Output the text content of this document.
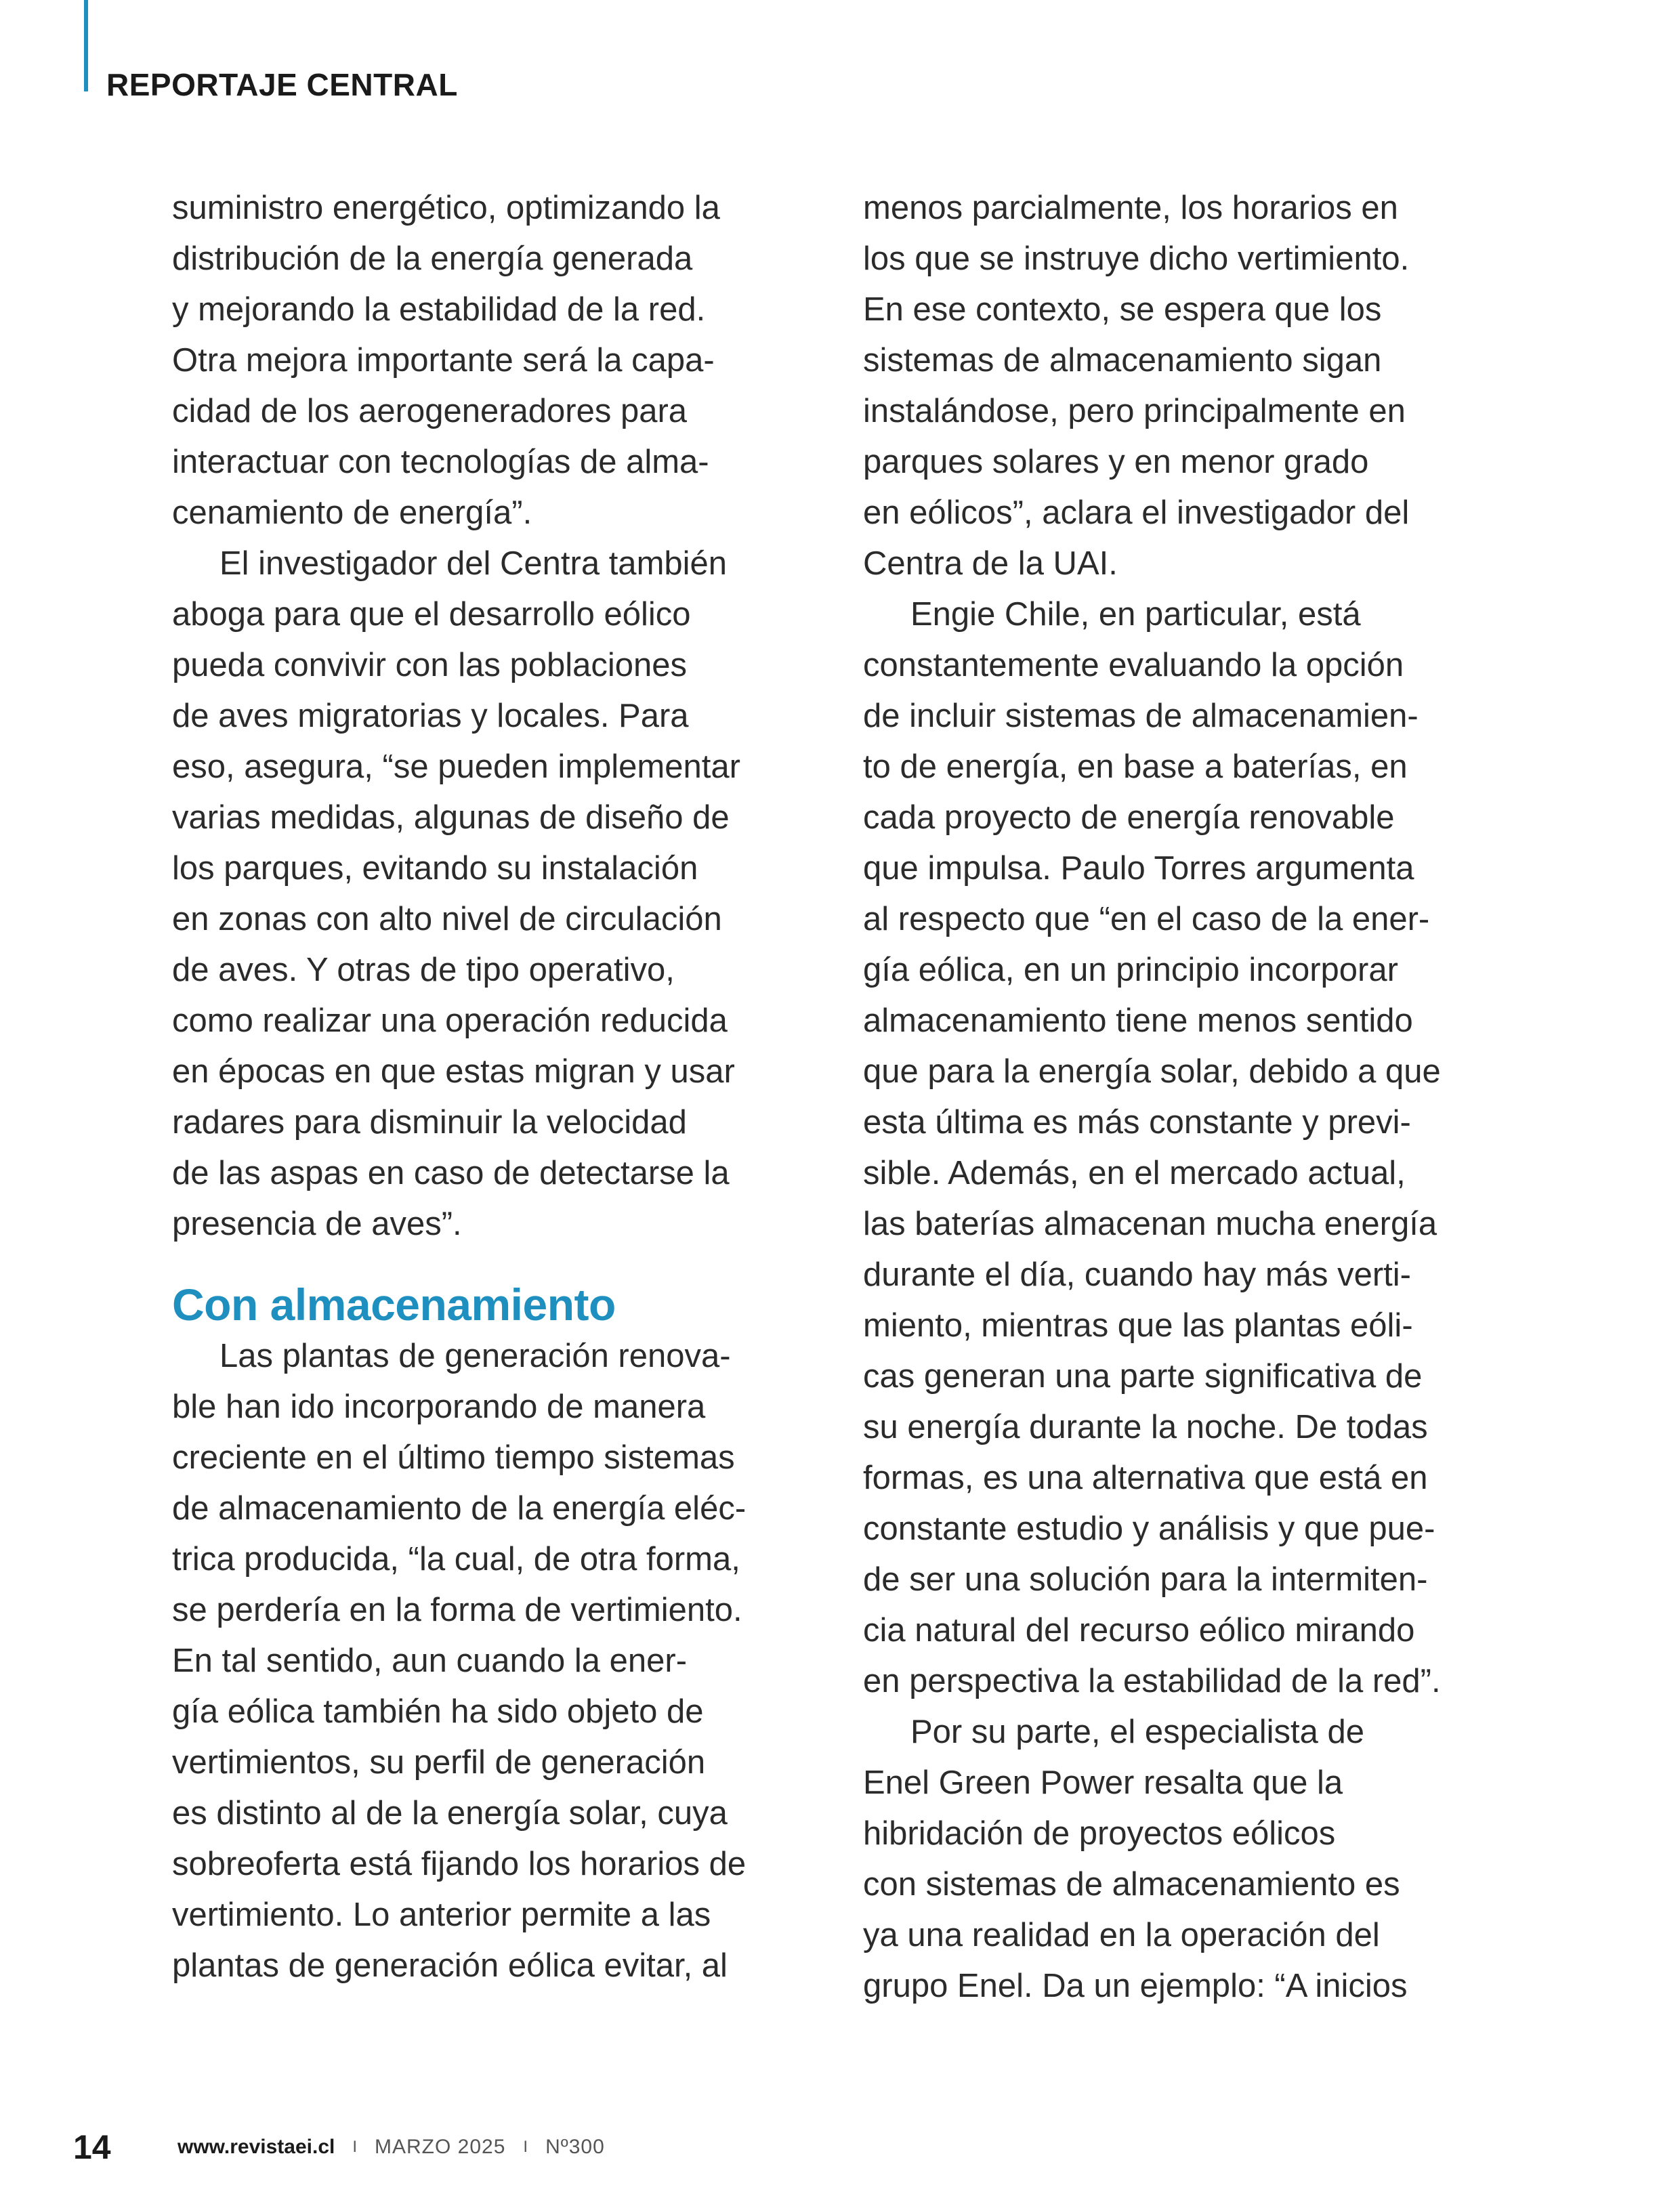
REPORTAJE CENTRAL
suministro energético, optimizando la
distribución de la energía generada
y mejorando la estabilidad de la red.
Otra mejora importante será la capa-
cidad de los aerogeneradores para
interactuar con tecnologías de alma-
cenamiento de energía”.
El investigador del Centra también
aboga para que el desarrollo eólico
pueda convivir con las poblaciones
de aves migratorias y locales. Para
eso, asegura, “se pueden implementar
varias medidas, algunas de diseño de
los parques, evitando su instalación
en zonas con alto nivel de circulación
de aves. Y otras de tipo operativo,
como realizar una operación reducida
en épocas en que estas migran y usar
radares para disminuir la velocidad
de las aspas en caso de detectarse la
presencia de aves”.
Con almacenamiento
Las plantas de generación renova-
ble han ido incorporando de manera
creciente en el último tiempo sistemas
de almacenamiento de la energía eléc-
trica producida, “la cual, de otra forma,
se perdería en la forma de vertimiento.
En tal sentido, aun cuando la ener-
gía eólica también ha sido objeto de
vertimientos, su perfil de generación
es distinto al de la energía solar, cuya
sobreoferta está fijando los horarios de
vertimiento. Lo anterior permite a las
plantas de generación eólica evitar, al
menos parcialmente, los horarios en
los que se instruye dicho vertimiento.
En ese contexto, se espera que los
sistemas de almacenamiento sigan
instalándose, pero principalmente en
parques solares y en menor grado
en eólicos”, aclara el investigador del
Centra de la UAI.
Engie Chile, en particular, está
constantemente evaluando la opción
de incluir sistemas de almacenamien-
to de energía, en base a baterías, en
cada proyecto de energía renovable
que impulsa. Paulo Torres argumenta
al respecto que “en el caso de la ener-
gía eólica, en un principio incorporar
almacenamiento tiene menos sentido
que para la energía solar, debido a que
esta última es más constante y previ-
sible. Además, en el mercado actual,
las baterías almacenan mucha energía
durante el día, cuando hay más verti-
miento, mientras que las plantas eóli-
cas generan una parte significativa de
su energía durante la noche. De todas
formas, es una alternativa que está en
constante estudio y análisis y que pue-
de ser una solución para la intermiten-
cia natural del recurso eólico mirando
en perspectiva la estabilidad de la red”.
Por su parte, el especialista de
Enel Green Power resalta que la
hibridación de proyectos eólicos
con sistemas de almacenamiento es
ya una realidad en la operación del
grupo Enel. Da un ejemplo: “A inicios
14	www.revistaei.cl I MARZO 2025 I Nº300
